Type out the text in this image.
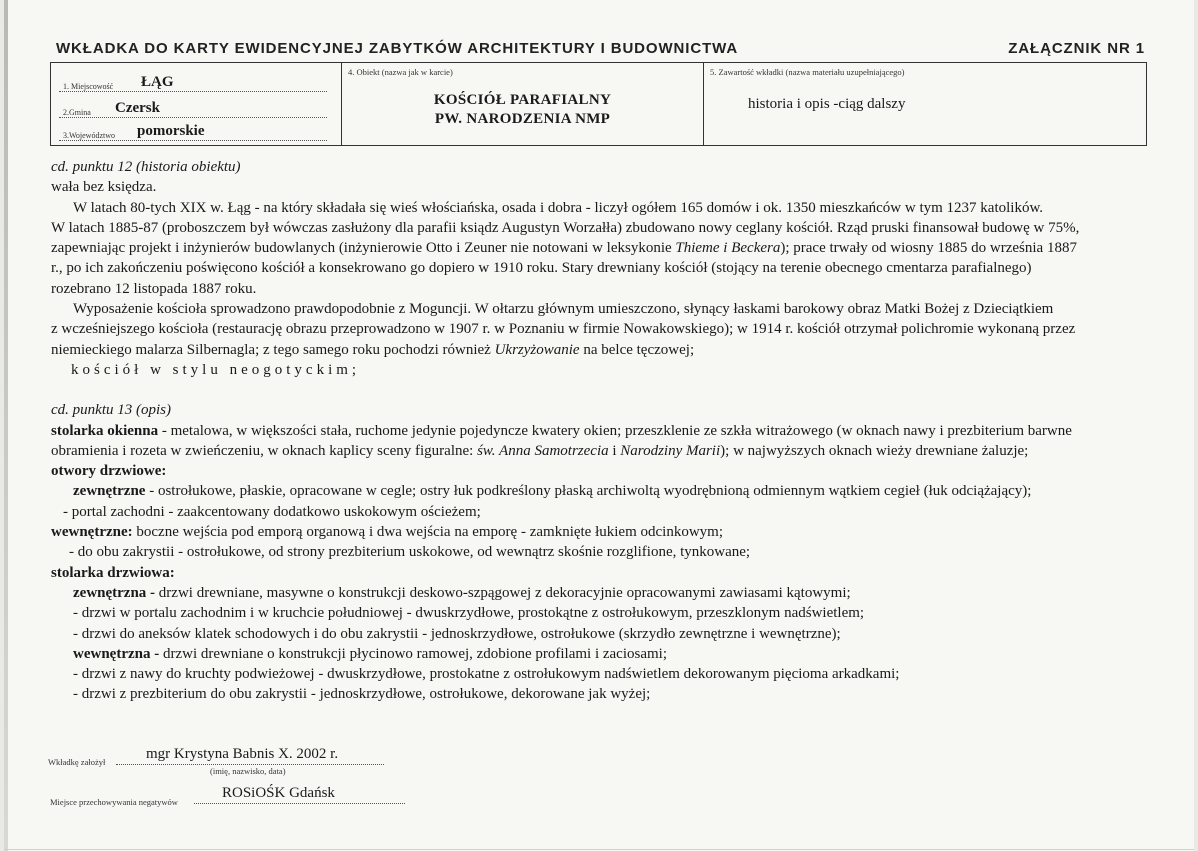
WKŁADKA DO KARTY EWIDENCYJNEJ ZABYTKÓW ARCHITEKTURY I BUDOWNICTWA	ZAŁĄCZNIK NR 1
1. Miejscowość ŁĄG
2.Gmina Czersk
3.Województwo pomorskie
4. Obiekt (nazwa jak w karcie)
KOŚCIÓŁ PARAFIALNY
PW. NARODZENIA NMP
5. Zawartość wkładki (nazwa materiału uzupełniającego)
historia i opis -ciąg dalszy
cd. punktu 12 (historia obiektu)
wała bez księdza.
W latach 80-tych XIX w. Łąg - na który składała się wieś włościańska, osada i dobra - liczył ogółem 165 domów i ok. 1350 mieszkańców w tym 1237 katolików.
W latach 1885-87 (proboszczem był wówczas zasłużony dla parafii ksiądz Augustyn Worzałła) zbudowano nowy ceglany kościół. Rząd pruski finansował budowę w 75%,
zapewniając projekt i inżynierów budowlanych (inżynierowie Otto i Zeuner nie notowani w leksykonie Thieme i Beckera); prace trwały od wiosny 1885 do września 1887
r., po ich zakończeniu poświęcono kościół a konsekrowano go dopiero w 1910 roku. Stary drewniany kościół (stojący na terenie obecnego cmentarza parafialnego)
rozebrano 12 listopada 1887 roku.
Wyposażenie kościoła sprowadzono prawdopodobnie z Moguncji. W ołtarzu głównym umieszczono, słynący łaskami barokowy obraz Matki Bożej z Dzieciątkiem
z wcześniejszego kościoła (restaurację obrazu przeprowadzono w 1907 r. w Poznaniu w firmie Nowakowskiego); w 1914 r. kościół otrzymał polichromie wykonaną przez
niemieckiego malarza Silbernagla; z tego samego roku pochodzi również Ukrzyżowanie na belce tęczowej;
kościół w stylu neogotyckim;
cd. punktu 13 (opis)
stolarka okienna - metalowa, w większości stała, ruchome jedynie pojedyncze kwatery okien; przeszklenie ze szkła witrażowego (w oknach nawy i prezbiterium barwne
obramienia i rozeta w zwieńczeniu, w oknach kaplicy sceny figuralne: św. Anna Samotrzecia i Narodziny Marii); w najwyższych oknach wieży drewniane żaluzje;
otwory drzwiowe:
zewnętrzne - ostrołukowe, płaskie, opracowane w cegle; ostry łuk podkreślony płaską archiwoltą wyodrębnioną odmiennym wątkiem cegieł (łuk odciążający);
- portal zachodni - zaakcentowany dodatkowo uskokowym ościeżem;
wewnętrzne: boczne wejścia pod emporą organową i dwa wejścia na emporę - zamknięte łukiem odcinkowym;
- do obu zakrystii - ostrołukowe, od strony prezbiterium uskokowe, od wewnątrz skośnie rozglifione, tynkowane;
stolarka drzwiowa:
zewnętrzna - drzwi drewniane, masywne o konstrukcji deskowo-szpągowej z dekoracyjnie opracowanymi zawiasami kątowymi;
- drzwi w portalu zachodnim i w kruchcie południowej - dwuskrzydłowe, prostokątne z ostrołukowym, przeszklonym nadświetlem;
- drzwi do aneksów klatek schodowych i do obu zakrystii - jednoskrzydłowe, ostrołukowe (skrzydło zewnętrzne i wewnętrzne);
wewnętrzna - drzwi drewniane o konstrukcji płycinowo ramowej, zdobione profilami i zaciosami;
- drzwi z nawy do kruchty podwieżowej - dwuskrzydłowe, prostokatne z ostrołukowym nadświetlem dekorowanym pięcioma arkadkami;
- drzwi z prezbiterium do obu zakrystii - jednoskrzydłowe, ostrołukowe, dekorowane jak wyżej;
Wkładkę założył	mgr Krystyna Babnis X. 2002 r.
(imię, nazwisko, data)
Miejsce przechowywania negatywów
ROSiOŚK Gdańsk
